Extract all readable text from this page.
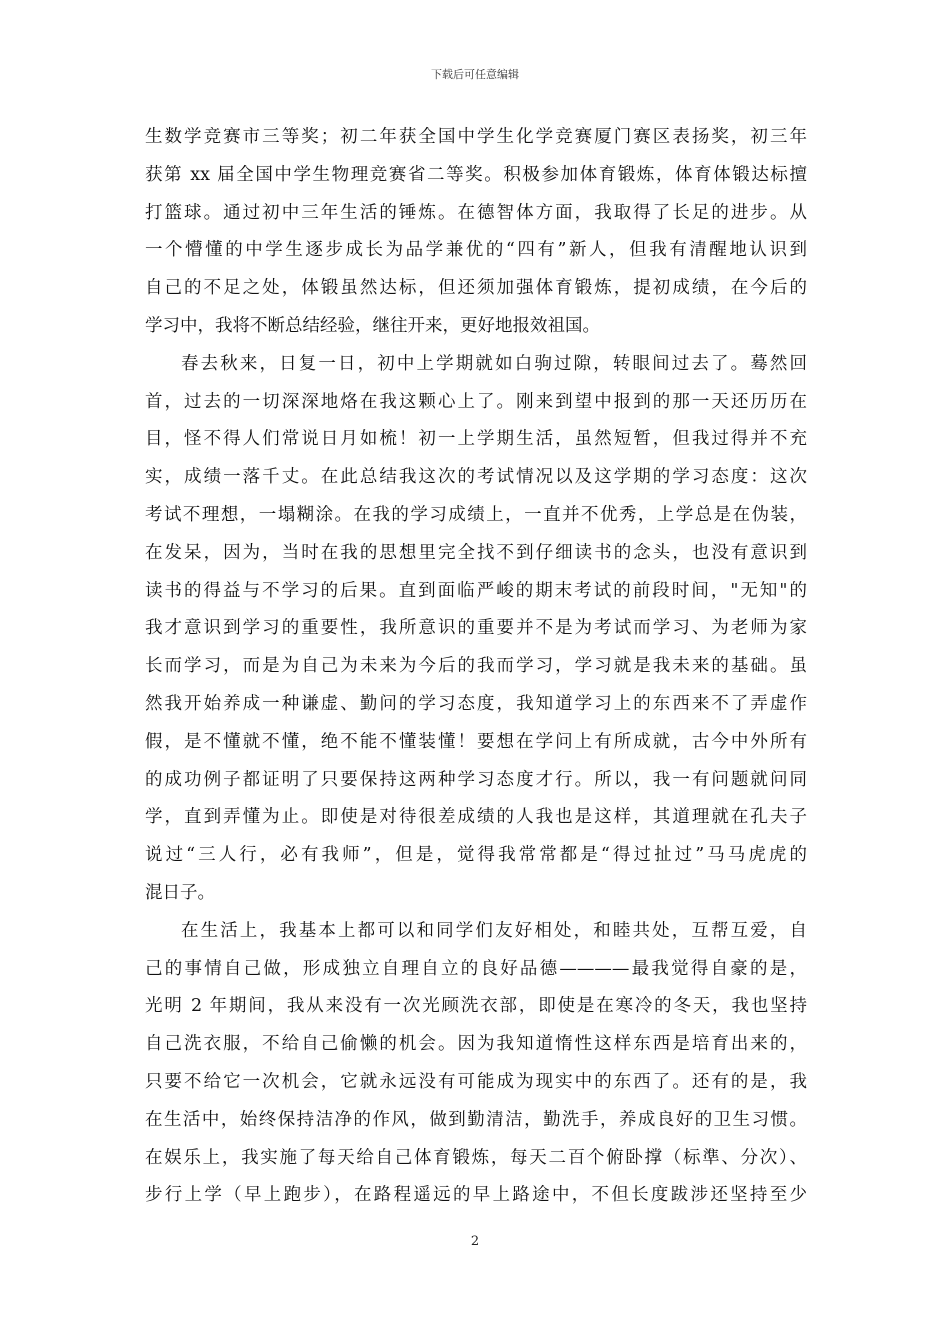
下载后可任意编辑
生数学竞赛市三等奖；初二年获全国中学生化学竞赛厦门赛区表扬奖，初三年
获第 xx 届全国中学生物理竞赛省二等奖。积极参加体育锻炼，体育体锻达标擅
打篮球。通过初中三年生活的锤炼。在德智体方面，我取得了长足的进步。从
一个懵懂的中学生逐步成长为品学兼优的“四有”新人，但我有清醒地认识到
自己的不足之处，体锻虽然达标，但还须加强体育锻炼，提初成绩，在今后的
学习中，我将不断总结经验，继往开来，更好地报效祖国。
春去秋来，日复一日，初中上学期就如白驹过隙，转眼间过去了。蓦然回
首，过去的一切深深地烙在我这颗心上了。刚来到望中报到的那一天还历历在
目，怪不得人们常说日月如梳！初一上学期生活，虽然短暂，但我过得并不充
实，成绩一落千丈。在此总结我这次的考试情况以及这学期的学习态度：这次
考试不理想，一塌糊涂。在我的学习成绩上，一直并不优秀，上学总是在伪装，
在发呆，因为，当时在我的思想里完全找不到仔细读书的念头，也没有意识到
读书的得益与不学习的后果。直到面临严峻的期末考试的前段时间，"无知"的
我才意识到学习的重要性，我所意识的重要并不是为考试而学习、为老师为家
长而学习，而是为自己为未来为今后的我而学习，学习就是我未来的基础。虽
然我开始养成一种谦虚、勤问的学习态度，我知道学习上的东西来不了弄虚作
假，是不懂就不懂，绝不能不懂装懂！要想在学问上有所成就，古今中外所有
的成功例子都证明了只要保持这两种学习态度才行。所以，我一有问题就问同
学，直到弄懂为止。即使是对待很差成绩的人我也是这样，其道理就在孔夫子
说过“三人行，必有我师”，但是，觉得我常常都是“得过扯过”马马虎虎的
混日子。
在生活上，我基本上都可以和同学们友好相处，和睦共处，互帮互爱，自
己的事情自己做，形成独立自理自立的良好品德————最我觉得自豪的是，
光明 2 年期间，我从来没有一次光顾洗衣部，即使是在寒冷的冬天，我也坚持
自己洗衣服，不给自己偷懒的机会。因为我知道惰性这样东西是培育出来的，
只要不给它一次机会，它就永远没有可能成为现实中的东西了。还有的是，我
在生活中，始终保持洁净的作风，做到勤清洁，勤洗手，养成良好的卫生习惯。
在娱乐上，我实施了每天给自己体育锻炼，每天二百个俯卧撑（标準、分次）、
步行上学（早上跑步），在路程遥远的早上路途中，不但长度跋涉还坚持至少
2
